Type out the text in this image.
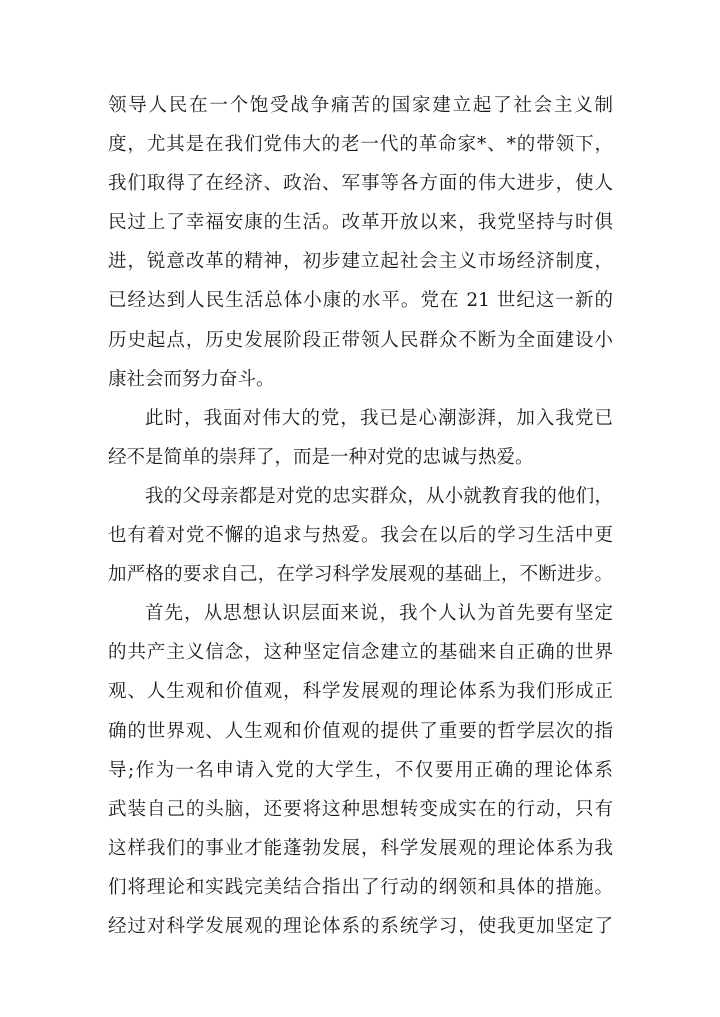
领导人民在一个饱受战争痛苦的国家建立起了社会主义制
度，尤其是在我们党伟大的老一代的革命家*、*的带领下，
我们取得了在经济、政治、军事等各方面的伟大进步，使人
民过上了幸福安康的生活。改革开放以来，我党坚持与时俱
进，锐意改革的精神，初步建立起社会主义市场经济制度，
已经达到人民生活总体小康的水平。党在 21 世纪这一新的
历史起点，历史发展阶段正带领人民群众不断为全面建设小
康社会而努力奋斗。
此时，我面对伟大的党，我已是心潮澎湃，加入我党已
经不是简单的崇拜了，而是一种对党的忠诚与热爱。
我的父母亲都是对党的忠实群众，从小就教育我的他们，
也有着对党不懈的追求与热爱。我会在以后的学习生活中更
加严格的要求自己，在学习科学发展观的基础上，不断进步。
首先，从思想认识层面来说，我个人认为首先要有坚定
的共产主义信念，这种坚定信念建立的基础来自正确的世界
观、人生观和价值观，科学发展观的理论体系为我们形成正
确的世界观、人生观和价值观的提供了重要的哲学层次的指
导;作为一名申请入党的大学生，不仅要用正确的理论体系
武装自己的头脑，还要将这种思想转变成实在的行动，只有
这样我们的事业才能蓬勃发展，科学发展观的理论体系为我
们将理论和实践完美结合指出了行动的纲领和具体的措施。
经过对科学发展观的理论体系的系统学习，使我更加坚定了
